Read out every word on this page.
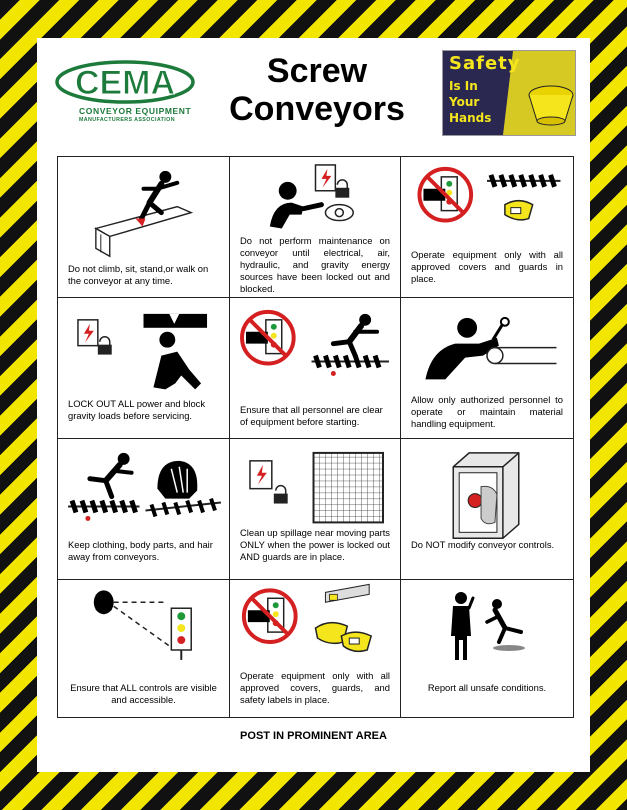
CEMA
CONVEYOR EQUIPMENT
MANUFACTURERS ASSOCIATION
Screw
Conveyors
Safety
Is In
Your
Hands
Do not climb, sit, stand,or walk on the conveyor at any time.
Do not perform maintenance on conveyor until electrical, air, hydraulic, and gravity energy sources have been locked out and blocked.
Operate equipment only with all approved covers and guards in place.
LOCK OUT ALL power and block gravity loads before servicing.
Ensure that all personnel are clear of equipment before starting.
Allow only authorized personnel to operate or maintain material handling equipment.
Keep clothing, body parts, and hair away from conveyors.
Clean up spillage near moving parts ONLY when the power is locked out AND guards are in place.
Do NOT modify conveyor controls.
Ensure that ALL controls are visible and accessible.
Operate equipment only with all approved covers, guards, and safety labels in place.
Report all unsafe conditions.
POST IN PROMINENT AREA
